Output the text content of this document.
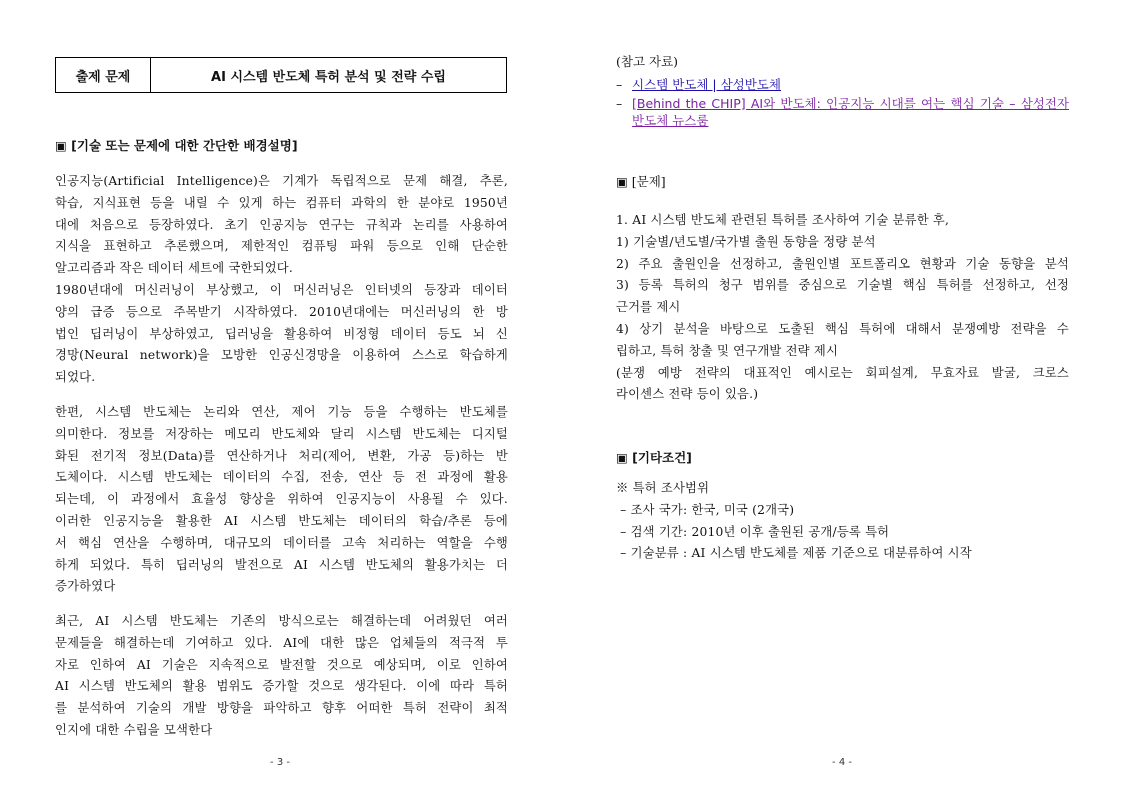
출제 문제	AI 시스템 반도체 특허 분석 및 전략 수립
▣ [기술 또는 문제에 대한 간단한 배경설명]
인공지능(Artificial Intelligence)은 기계가 독립적으로 문제 해결, 추론,
학습, 지식표현 등을 내릴 수 있게 하는 컴퓨터 과학의 한 분야로 1950년
대에 처음으로 등장하였다. 초기 인공지능 연구는 규칙과 논리를 사용하여
지식을 표현하고 추론했으며, 제한적인 컴퓨팅 파워 등으로 인해 단순한
알고리즘과 작은 데이터 세트에 국한되었다.
1980년대에 머신러닝이 부상했고, 이 머신러닝은 인터넷의 등장과 데이터
양의 급증 등으로 주목받기 시작하였다. 2010년대에는 머신러닝의 한 방
법인 딥러닝이 부상하였고, 딥러닝을 활용하여 비정형 데이터 등도 뇌 신
경망(Neural network)을 모방한 인공신경망을 이용하여 스스로 학습하게
되었다.
한편, 시스템 반도체는 논리와 연산, 제어 기능 등을 수행하는 반도체를
의미한다. 정보를 저장하는 메모리 반도체와 달리 시스템 반도체는 디지털
화된 전기적 정보(Data)를 연산하거나 처리(제어, 변환, 가공 등)하는 반
도체이다. 시스템 반도체는 데이터의 수집, 전송, 연산 등 전 과정에 활용
되는데, 이 과정에서 효율성 향상을 위하여 인공지능이 사용될 수 있다.
이러한 인공지능을 활용한 AI 시스템 반도체는 데이터의 학습/추론 등에
서 핵심 연산을 수행하며, 대규모의 데이터를 고속 처리하는 역할을 수행
하게 되었다. 특히 딥러닝의 발전으로 AI 시스템 반도체의 활용가치는 더
증가하였다
최근, AI 시스템 반도체는 기존의 방식으로는 해결하는데 어려웠던 여러
문제들을 해결하는데 기여하고 있다. AI에 대한 많은 업체들의 적극적 투
자로 인하여 AI 기술은 지속적으로 발전할 것으로 예상되며, 이로 인하여
AI 시스템 반도체의 활용 범위도 증가할 것으로 생각된다. 이에 따라 특허
를 분석하여 기술의 개발 방향을 파악하고 향후 어떠한 특허 전략이 최적
인지에 대한 수립을 모색한다
- 3 -
(참고 자료)
– 시스템 반도체 | 삼성반도체
– [Behind the CHIP] AI와 반도체: 인공지능 시대를 여는 핵심 기술 – 삼성전자 반도체 뉴스룸
▣ [문제]
1. AI 시스템 반도체 관련된 특허를 조사하여 기술 분류한 후,
1) 기술별/년도별/국가별 출원 동향을 정량 분석
2) 주요 출원인을 선정하고, 출원인별 포트폴리오 현황과 기술 동향을 분석
3) 등록 특허의 청구 범위를 중심으로 기술별 핵심 특허를 선정하고, 선정
근거를 제시
4) 상기 분석을 바탕으로 도출된 핵심 특허에 대해서 분쟁예방 전략을 수
립하고, 특허 창출 및 연구개발 전략 제시
(분쟁 예방 전략의 대표적인 예시로는 회피설계, 무효자료 발굴, 크로스
라이센스 전략 등이 있음.)
▣ [기타조건]
※ 특허 조사범위
– 조사 국가: 한국, 미국 (2개국)
– 검색 기간: 2010년 이후 출원된 공개/등록 특허
– 기술분류 : AI 시스템 반도체를 제품 기준으로 대분류하여 시작
- 4 -
